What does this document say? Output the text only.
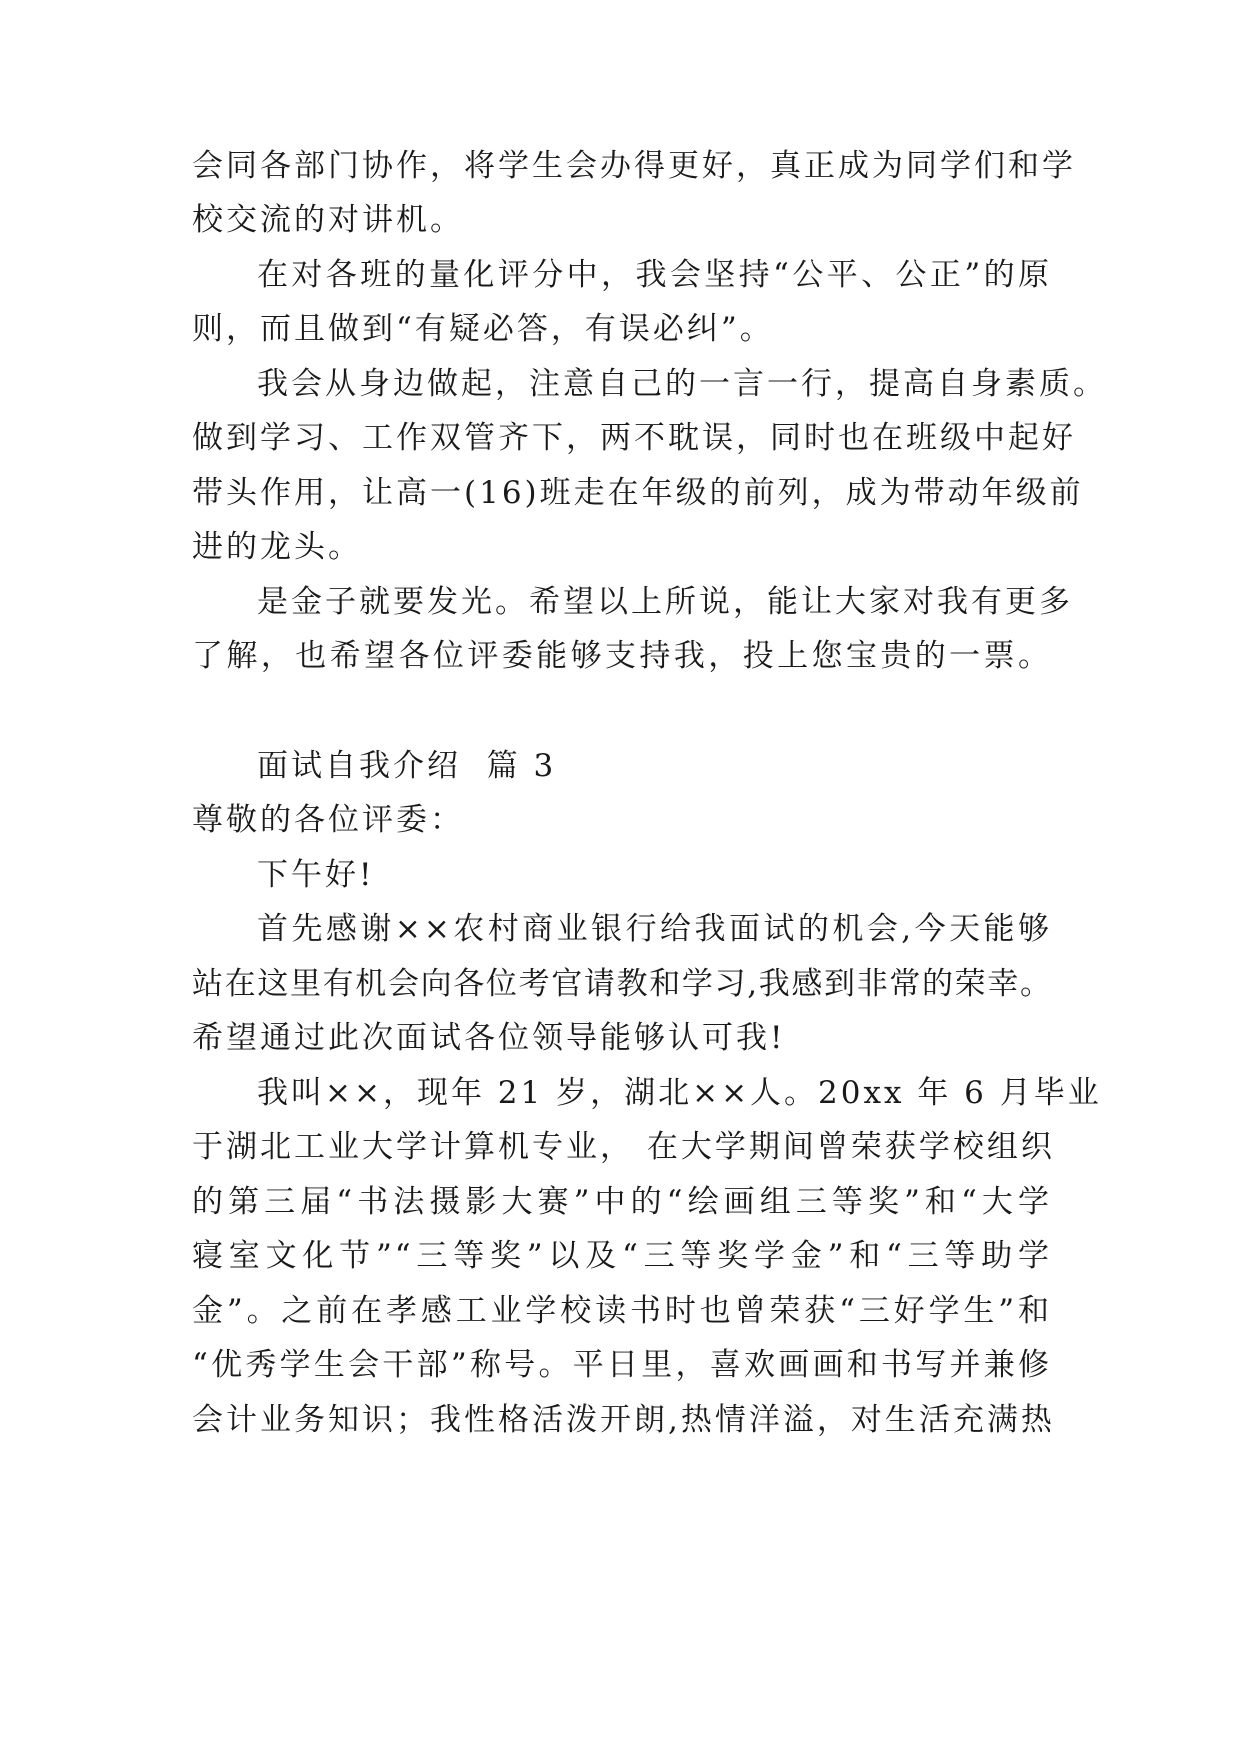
会同各部门协作，将学生会办得更好，真正成为同学们和学
校交流的对讲机。
在对各班的量化评分中，我会坚持“公平、公正”的原
则，而且做到“有疑必答，有误必纠”。
我会从身边做起，注意自己的一言一行，提高自身素质。
做到学习、工作双管齐下，两不耽误，同时也在班级中起好
带头作用，让高一(16)班走在年级的前列，成为带动年级前
进的龙头。
是金子就要发光。希望以上所说，能让大家对我有更多
了解，也希望各位评委能够支持我，投上您宝贵的一票。
面试自我介绍  篇 3
尊敬的各位评委：
下午好!
首先感谢××农村商业银行给我面试的机会,今天能够
站在这里有机会向各位考官请教和学习,我感到非常的荣幸。
希望通过此次面试各位领导能够认可我!
我叫××，现年 21 岁，湖北××人。20xx 年 6 月毕业
于湖北工业大学计算机专业， 在大学期间曾荣获学校组织
的第三届“书法摄影大赛”中的“绘画组三等奖”和“大学
寝室文化节”“三等奖”以及“三等奖学金”和“三等助学
金”。之前在孝感工业学校读书时也曾荣获“三好学生”和
“优秀学生会干部”称号。平日里，喜欢画画和书写并兼修
会计业务知识；我性格活泼开朗,热情洋溢，对生活充满热
